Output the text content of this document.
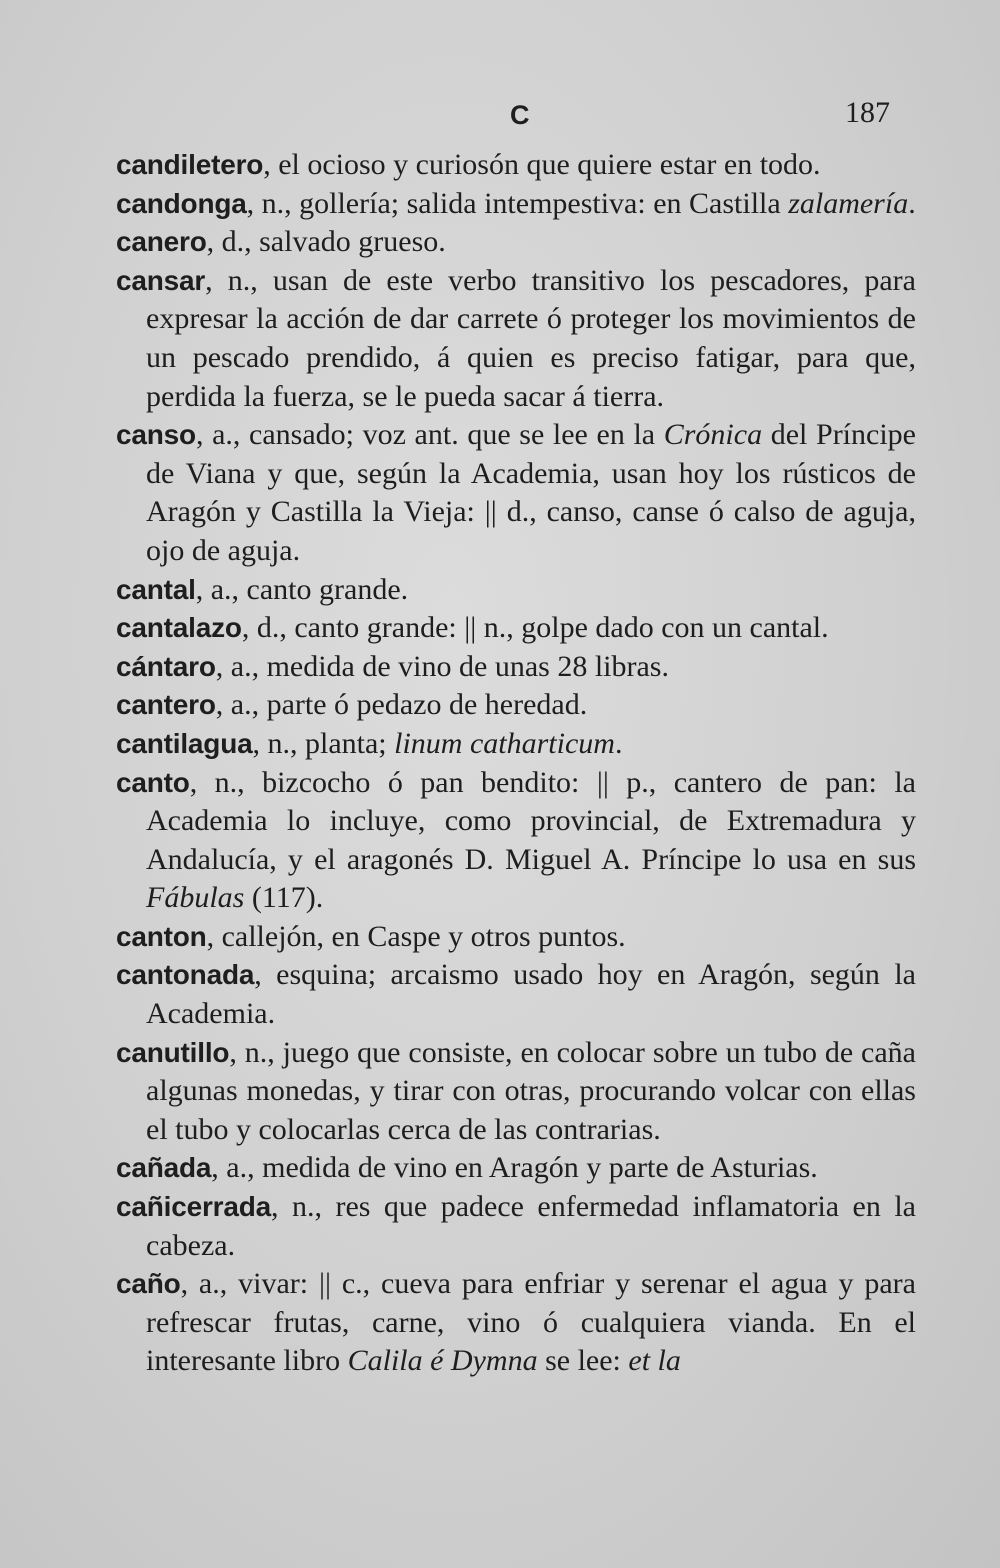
C	187
candiletero, el ocioso y curiosón que quiere estar en todo.
candonga, n., gollería; salida intempestiva: en Castilla zalamería.
canero, d., salvado grueso.
cansar, n., usan de este verbo transitivo los pescadores, para expresar la acción de dar carrete ó proteger los movimientos de un pescado prendido, á quien es preciso fatigar, para que, perdida la fuerza, se le pueda sacar á tierra.
canso, a., cansado; voz ant. que se lee en la Crónica del Príncipe de Viana y que, según la Academia, usan hoy los rústicos de Aragón y Castilla la Vieja: || d., canso, canse ó calso de aguja, ojo de aguja.
cantal, a., canto grande.
cantalazo, d., canto grande: || n., golpe dado con un cantal.
cántaro, a., medida de vino de unas 28 libras.
cantero, a., parte ó pedazo de heredad.
cantilagua, n., planta; linum catharticum.
canto, n., bizcocho ó pan bendito: || p., cantero de pan: la Academia lo incluye, como provincial, de Extremadura y Andalucía, y el aragonés D. Miguel A. Príncipe lo usa en sus Fábulas (117).
canton, callejón, en Caspe y otros puntos.
cantonada, esquina; arcaismo usado hoy en Aragón, según la Academia.
canutillo, n., juego que consiste, en colocar sobre un tubo de caña algunas monedas, y tirar con otras, procurando volcar con ellas el tubo y colocarlas cerca de las contrarias.
cañada, a., medida de vino en Aragón y parte de Asturias.
cañicerrada, n., res que padece enfermedad inflamatoria en la cabeza.
caño, a., vivar: || c., cueva para enfriar y serenar el agua y para refrescar frutas, carne, vino ó cualquiera vianda. En el interesante libro Calila é Dymna se lee: et la
